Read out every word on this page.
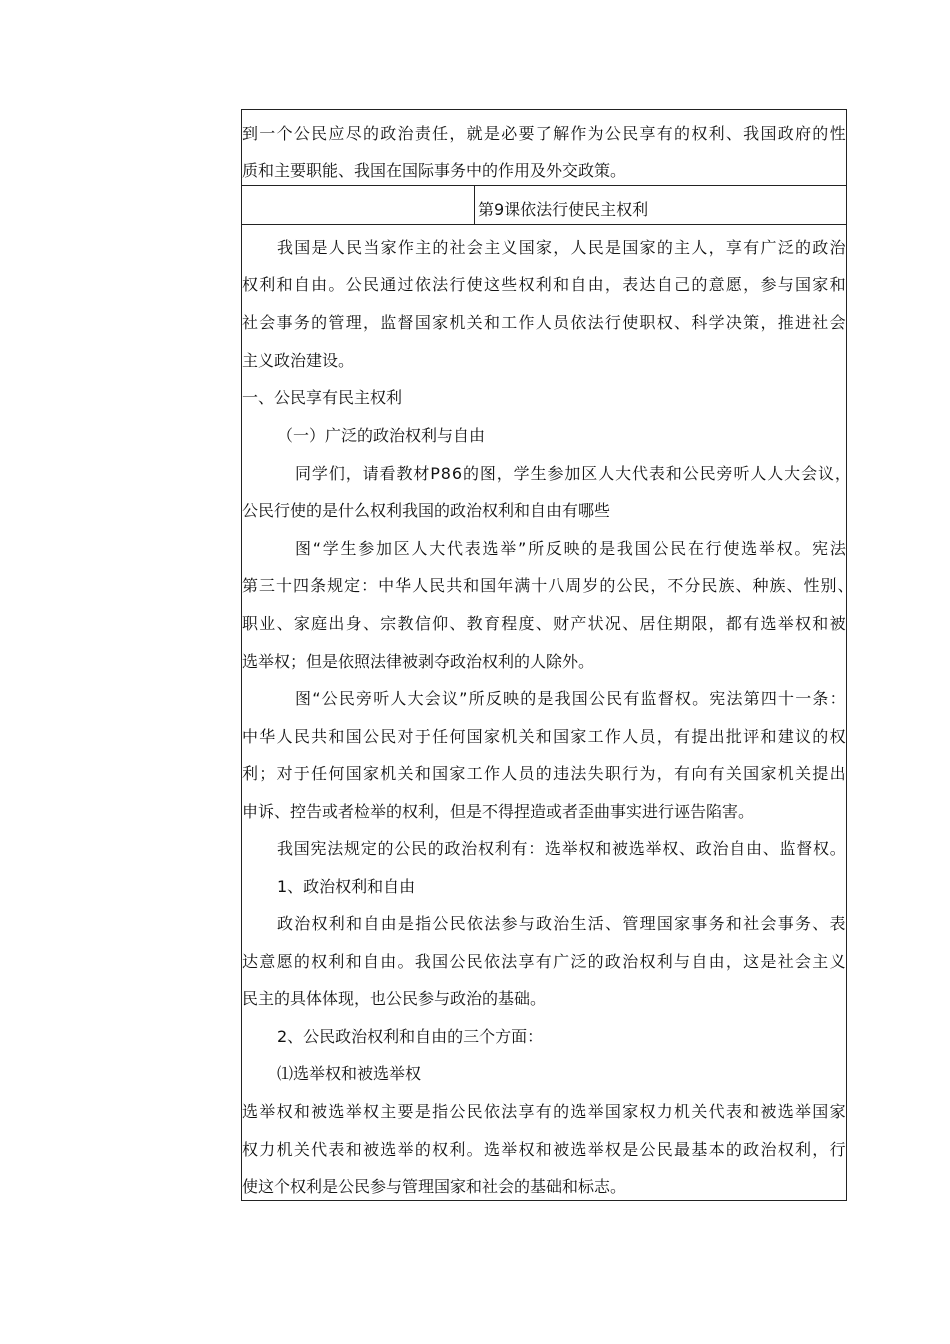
到 一 个 公 民 应 尽 的 政 治 责 任 ， 就 是 必 要 了 解 作 为 公 民 享 有 的 权 利 、 我 国 政 府 的 性
质和主要职能、我国在国际事务中的作用及外交政策。
第9课依法行使民主权利
我 国 是 人 民 当 家 作 主 的 社 会 主 义 国 家 ， 人 民 是 国 家 的 主 人 ， 享 有 广 泛 的 政 治
权 利 和 自 由 。 公 民 通 过 依 法 行 使 这 些 权 利 和 自 由 ， 表 达 自 己 的 意 愿 ， 参 与 国 家 和
社 会 事 务 的 管 理 ， 监 督 国 家 机 关 和 工 作 人 员 依 法 行 使 职 权 、 科 学 决 策 ， 推 进 社 会
主义政治建设。
一、公民享有民主权利
（一）广泛的政治权利与自由
同 学 们 ， 请 看 教 材 P 8 6 的 图 ， 学 生 参 加 区 人 大 代 表 和 公 民 旁 听 人 人 大 会 议 ，
公民行使的是什么权利我国的政治权利和自由有哪些
图 “ 学 生 参 加 区 人 大 代 表 选 举 ” 所 反 映 的 是 我 国 公 民 在 行 使 选 举 权 。 宪 法
第 三 十 四 条 规 定 ： 中 华 人 民 共 和 国 年 满 十 八 周 岁 的 公 民 ， 不 分 民 族 、 种 族 、 性 别 、
职 业 、 家 庭 出 身 、 宗 教 信 仰 、 教 育 程 度 、 财 产 状 况 、 居 住 期 限 ， 都 有 选 举 权 和 被
选举权；但是依照法律被剥夺政治权利的人除外。
图 “ 公 民 旁 听 人 大 会 议 ” 所 反 映 的 是 我 国 公 民 有 监 督 权 。 宪 法 第 四 十 一 条 ：
中 华 人 民 共 和 国 公 民 对 于 任 何 国 家 机 关 和 国 家 工 作 人 员 ， 有 提 出 批 评 和 建 议 的 权
利 ； 对 于 任 何 国 家 机 关 和 国 家 工 作 人 员 的 违 法 失 职 行 为 ， 有 向 有 关 国 家 机 关 提 出
申诉、控告或者检举的权利，但是不得捏造或者歪曲事实进行诬告陷害。
我 国 宪 法 规 定 的 公 民 的 政 治 权 利 有 ： 选 举 权 和 被 选 举 权 、 政 治 自 由 、 监 督 权 。
1、政治权利和自由
政 治 权 利 和 自 由 是 指 公 民 依 法 参 与 政 治 生 活 、 管 理 国 家 事 务 和 社 会 事 务 、 表
达 意 愿 的 权 利 和 自 由 。 我 国 公 民 依 法 享 有 广 泛 的 政 治 权 利 与 自 由 ， 这 是 社 会 主 义
民主的具体体现，也公民参与政治的基础。
2、公民政治权利和自由的三个方面：
⑴选举权和被选举权
选 举 权 和 被 选 举 权 主 要 是 指 公 民 依 法 享 有 的 选 举 国 家 权 力 机 关 代 表 和 被 选 举 国 家
权 力 机 关 代 表 和 被 选 举 的 权 利 。 选 举 权 和 被 选 举 权 是 公 民 最 基 本 的 政 治 权 利 ， 行
使这个权利是公民参与管理国家和社会的基础和标志。
